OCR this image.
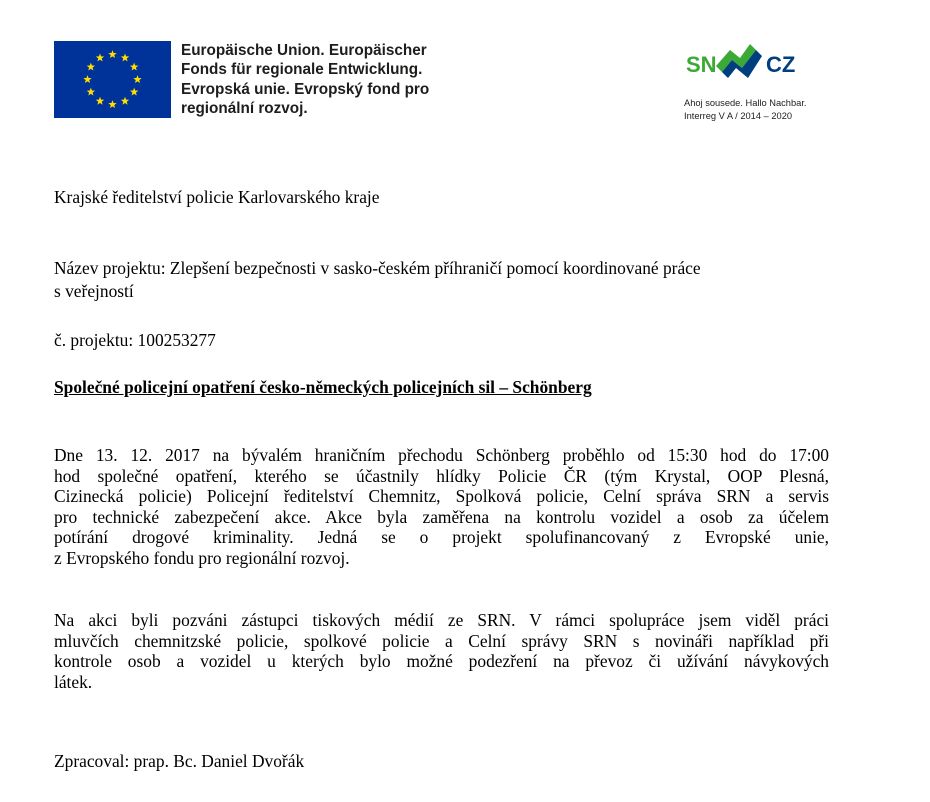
Europäische Union. Europäischer
Fonds für regionale Entwicklung.
Evropská unie. Evropský fond pro
regionální rozvoj.
SN CZ
Ahoj sousede. Hallo Nachbar.
Interreg V A / 2014 – 2020
Krajské ředitelství policie Karlovarského kraje
Název projektu: Zlepšení bezpečnosti v sasko-českém příhraničí pomocí koordinované práce
s veřejností
č. projektu: 100253277
Společné policejní opatření česko-německých policejních sil – Schönberg
Dne 13. 12. 2017 na bývalém hraničním přechodu Schönberg proběhlo od 15:30 hod do 17:00
hod společné opatření, kterého se účastnily hlídky Policie ČR (tým Krystal, OOP Plesná,
Cizinecká policie) Policejní ředitelství Chemnitz, Spolková policie, Celní správa SRN a servis
pro technické zabezpečení akce. Akce byla zaměřena na kontrolu vozidel a osob za účelem
potírání drogové kriminality. Jedná se o projekt spolufinancovaný z Evropské unie,
z Evropského fondu pro regionální rozvoj.
Na akci byli pozváni zástupci tiskových médií ze SRN. V rámci spolupráce jsem viděl práci
mluvčích chemnitzské policie, spolkové policie a Celní správy SRN s novináři například při
kontrole osob a vozidel u kterých bylo možné podezření na převoz či užívání návykových
látek.
Zpracoval: prap. Bc. Daniel Dvořák
